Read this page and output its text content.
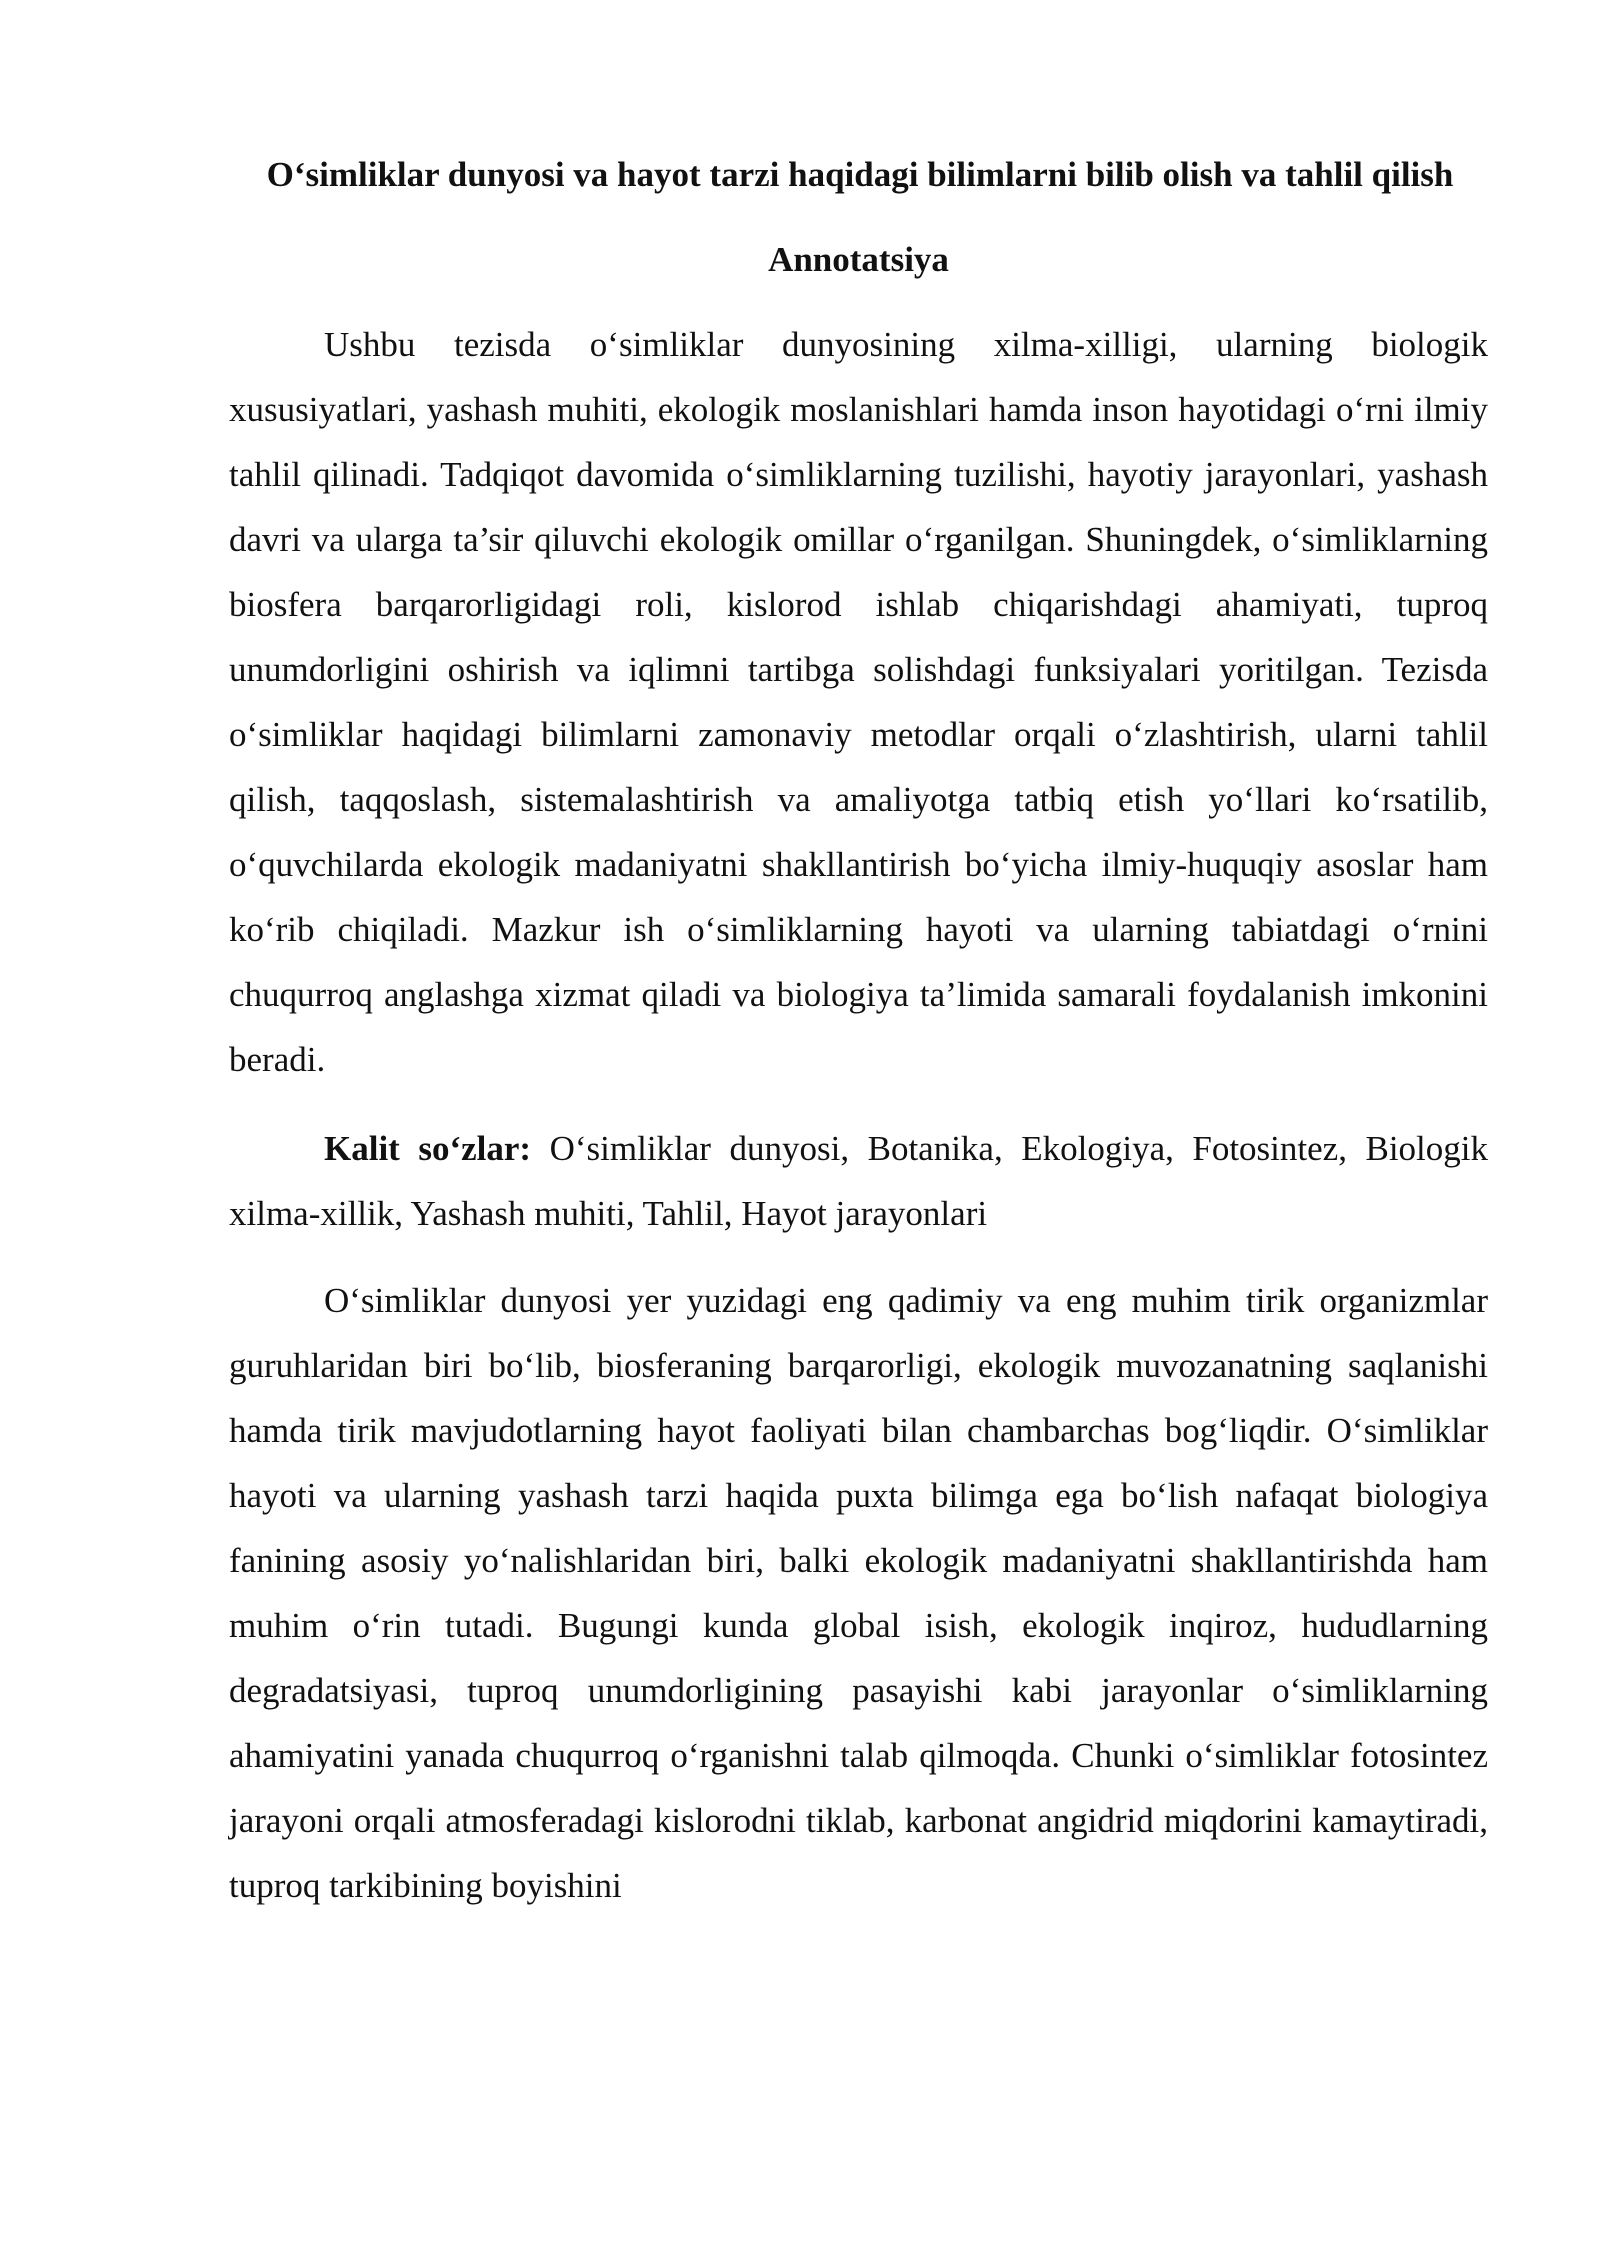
O‘simliklar dunyosi va hayot tarzi haqidagi bilimlarni bilib olish va tahlil qilish
Annotatsiya

Ushbu tezisda o‘simliklar dunyosining xilma-xilligi, ularning biologik xususiyatlari, yashash muhiti, ekologik moslanishlari hamda inson hayotidagi o‘rni ilmiy tahlil qilinadi. Tadqiqot davomida o‘simliklarning tuzilishi, hayotiy jarayonlari, yashash davri va ularga ta’sir qiluvchi ekologik omillar o‘rganilgan. Shuningdek, o‘simliklarning biosfera barqarorligidagi roli, kislorod ishlab chiqarishdagi ahamiyati, tuproq unumdorligini oshirish va iqlimni tartibga solishdagi funksiyalari yoritilgan. Tezisda o‘simliklar haqidagi bilimlarni zamonaviy metodlar orqali o‘zlashtirish, ularni tahlil qilish, taqqoslash, sistemalashtirish va amaliyotga tatbiq etish yo‘llari ko‘rsatilib, o‘quvchilarda ekologik madaniyatni shakllantirish bo‘yicha ilmiy-huquqiy asoslar ham ko‘rib chiqiladi. Mazkur ish o‘simliklarning hayoti va ularning tabiatdagi o‘rnini chuqurroq anglashga xizmat qiladi va biologiya ta’limida samarali foydalanish imkonini beradi.

Kalit so‘zlar: O‘simliklar dunyosi, Botanika, Ekologiya, Fotosintez, Biologik xilma-xillik, Yashash muhiti, Tahlil, Hayot jarayonlari

O‘simliklar dunyosi yer yuzidagi eng qadimiy va eng muhim tirik organizmlar guruhlaridan biri bo‘lib, biosferaning barqarorligi, ekologik muvozanatning saqlanishi hamda tirik mavjudotlarning hayot faoliyati bilan chambarchas bog‘liqdir. O‘simliklar hayoti va ularning yashash tarzi haqida puxta bilimga ega bo‘lish nafaqat biologiya fanining asosiy yo‘nalishlaridan biri, balki ekologik madaniyatni shakllantirishda ham muhim o‘rin tutadi. Bugungi kunda global isish, ekologik inqiroz, hududlarning degradatsiyasi, tuproq unumdorligining pasayishi kabi jarayonlar o‘simliklarning ahamiyatini yanada chuqurroq o‘rganishni talab qilmoqda. Chunki o‘simliklar fotosintez jarayoni orqali atmosferadagi kislorodni tiklab, karbonat angidrid miqdorini kamaytiradi, tuproq tarkibining boyishini
